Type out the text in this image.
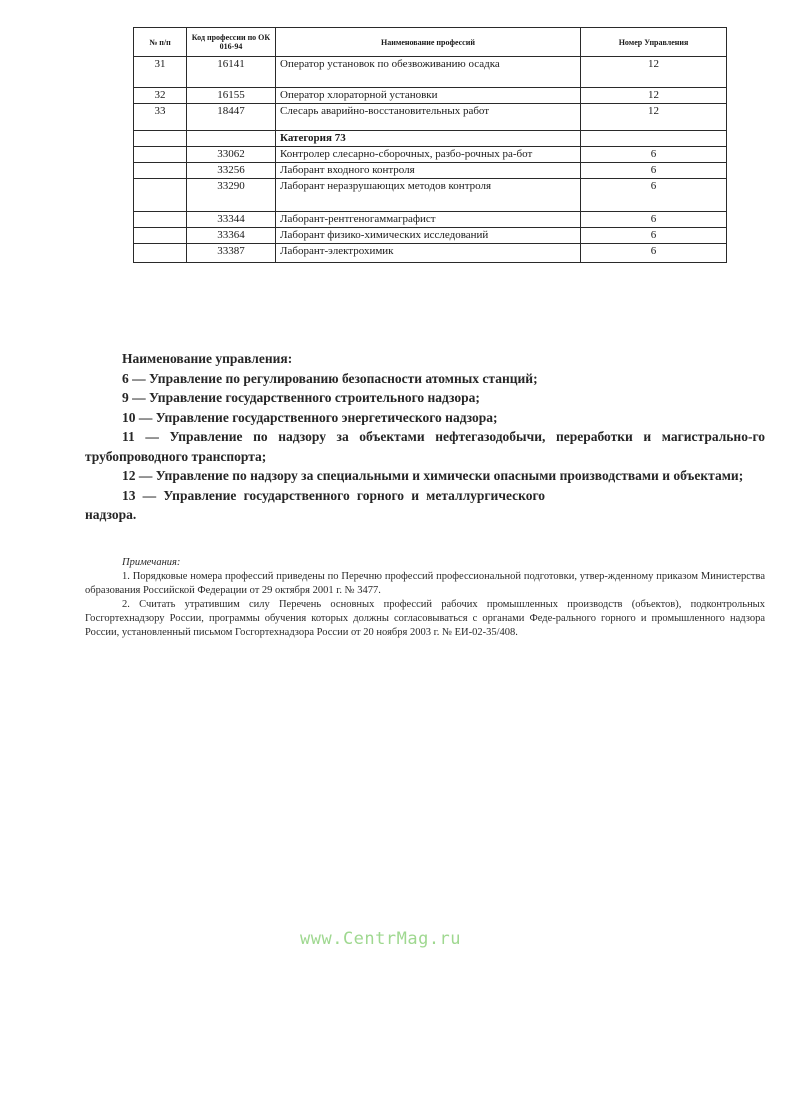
№ п/п	Код профессии по ОК 016-94	Наименование профессий	Номер Управления
31	16141	Оператор установок по обезвоживанию осадка	12
32	16155	Оператор хлораторной установки	12
33	18447	Слесарь аварийно-восстановительных работ	12
		Категория 73	
	33062	Контролер слесарно-сборочных, разбо-рочных ра-бот	6
	33256	Лаборант входного контроля	6
	33290	Лаборант неразрушающих методов контроля	6
	33344	Лаборант-рентгеногаммаграфист	6
	33364	Лаборант физико-химических исследований	6
	33387	Лаборант-электрохимик	6
Наименование управления:
6 — Управление по регулированию безопасности атомных станций;
9 — Управление государственного строительного надзора;
10 — Управление государственного энергетического надзора;
11 — Управление по надзору за объектами нефтегазодобычи, переработки и магистрально-го трубопроводного транспорта;
12 — Управление по надзору за специальными и химически опасными производствами и объектами;
13 — Управление государственного горного и металлургического надзора.
Примечания:
1. Порядковые номера профессий приведены по Перечню профессий профессиональной подготовки, утвер-жденному приказом Министерства образования Российской Федерации от 29 октября 2001 г. № 3477.
2. Считать утратившим силу Перечень основных профессий рабочих промышленных производств (объектов), подконтрольных Госгортехнадзору России, программы обучения которых должны согласовываться с органами Феде-рального горного и промышленного надзора России, установленный письмом Госгортехнадзора России от 20 ноября 2003 г. № ЕИ-02-35/408.
www.CentrMag.ru
